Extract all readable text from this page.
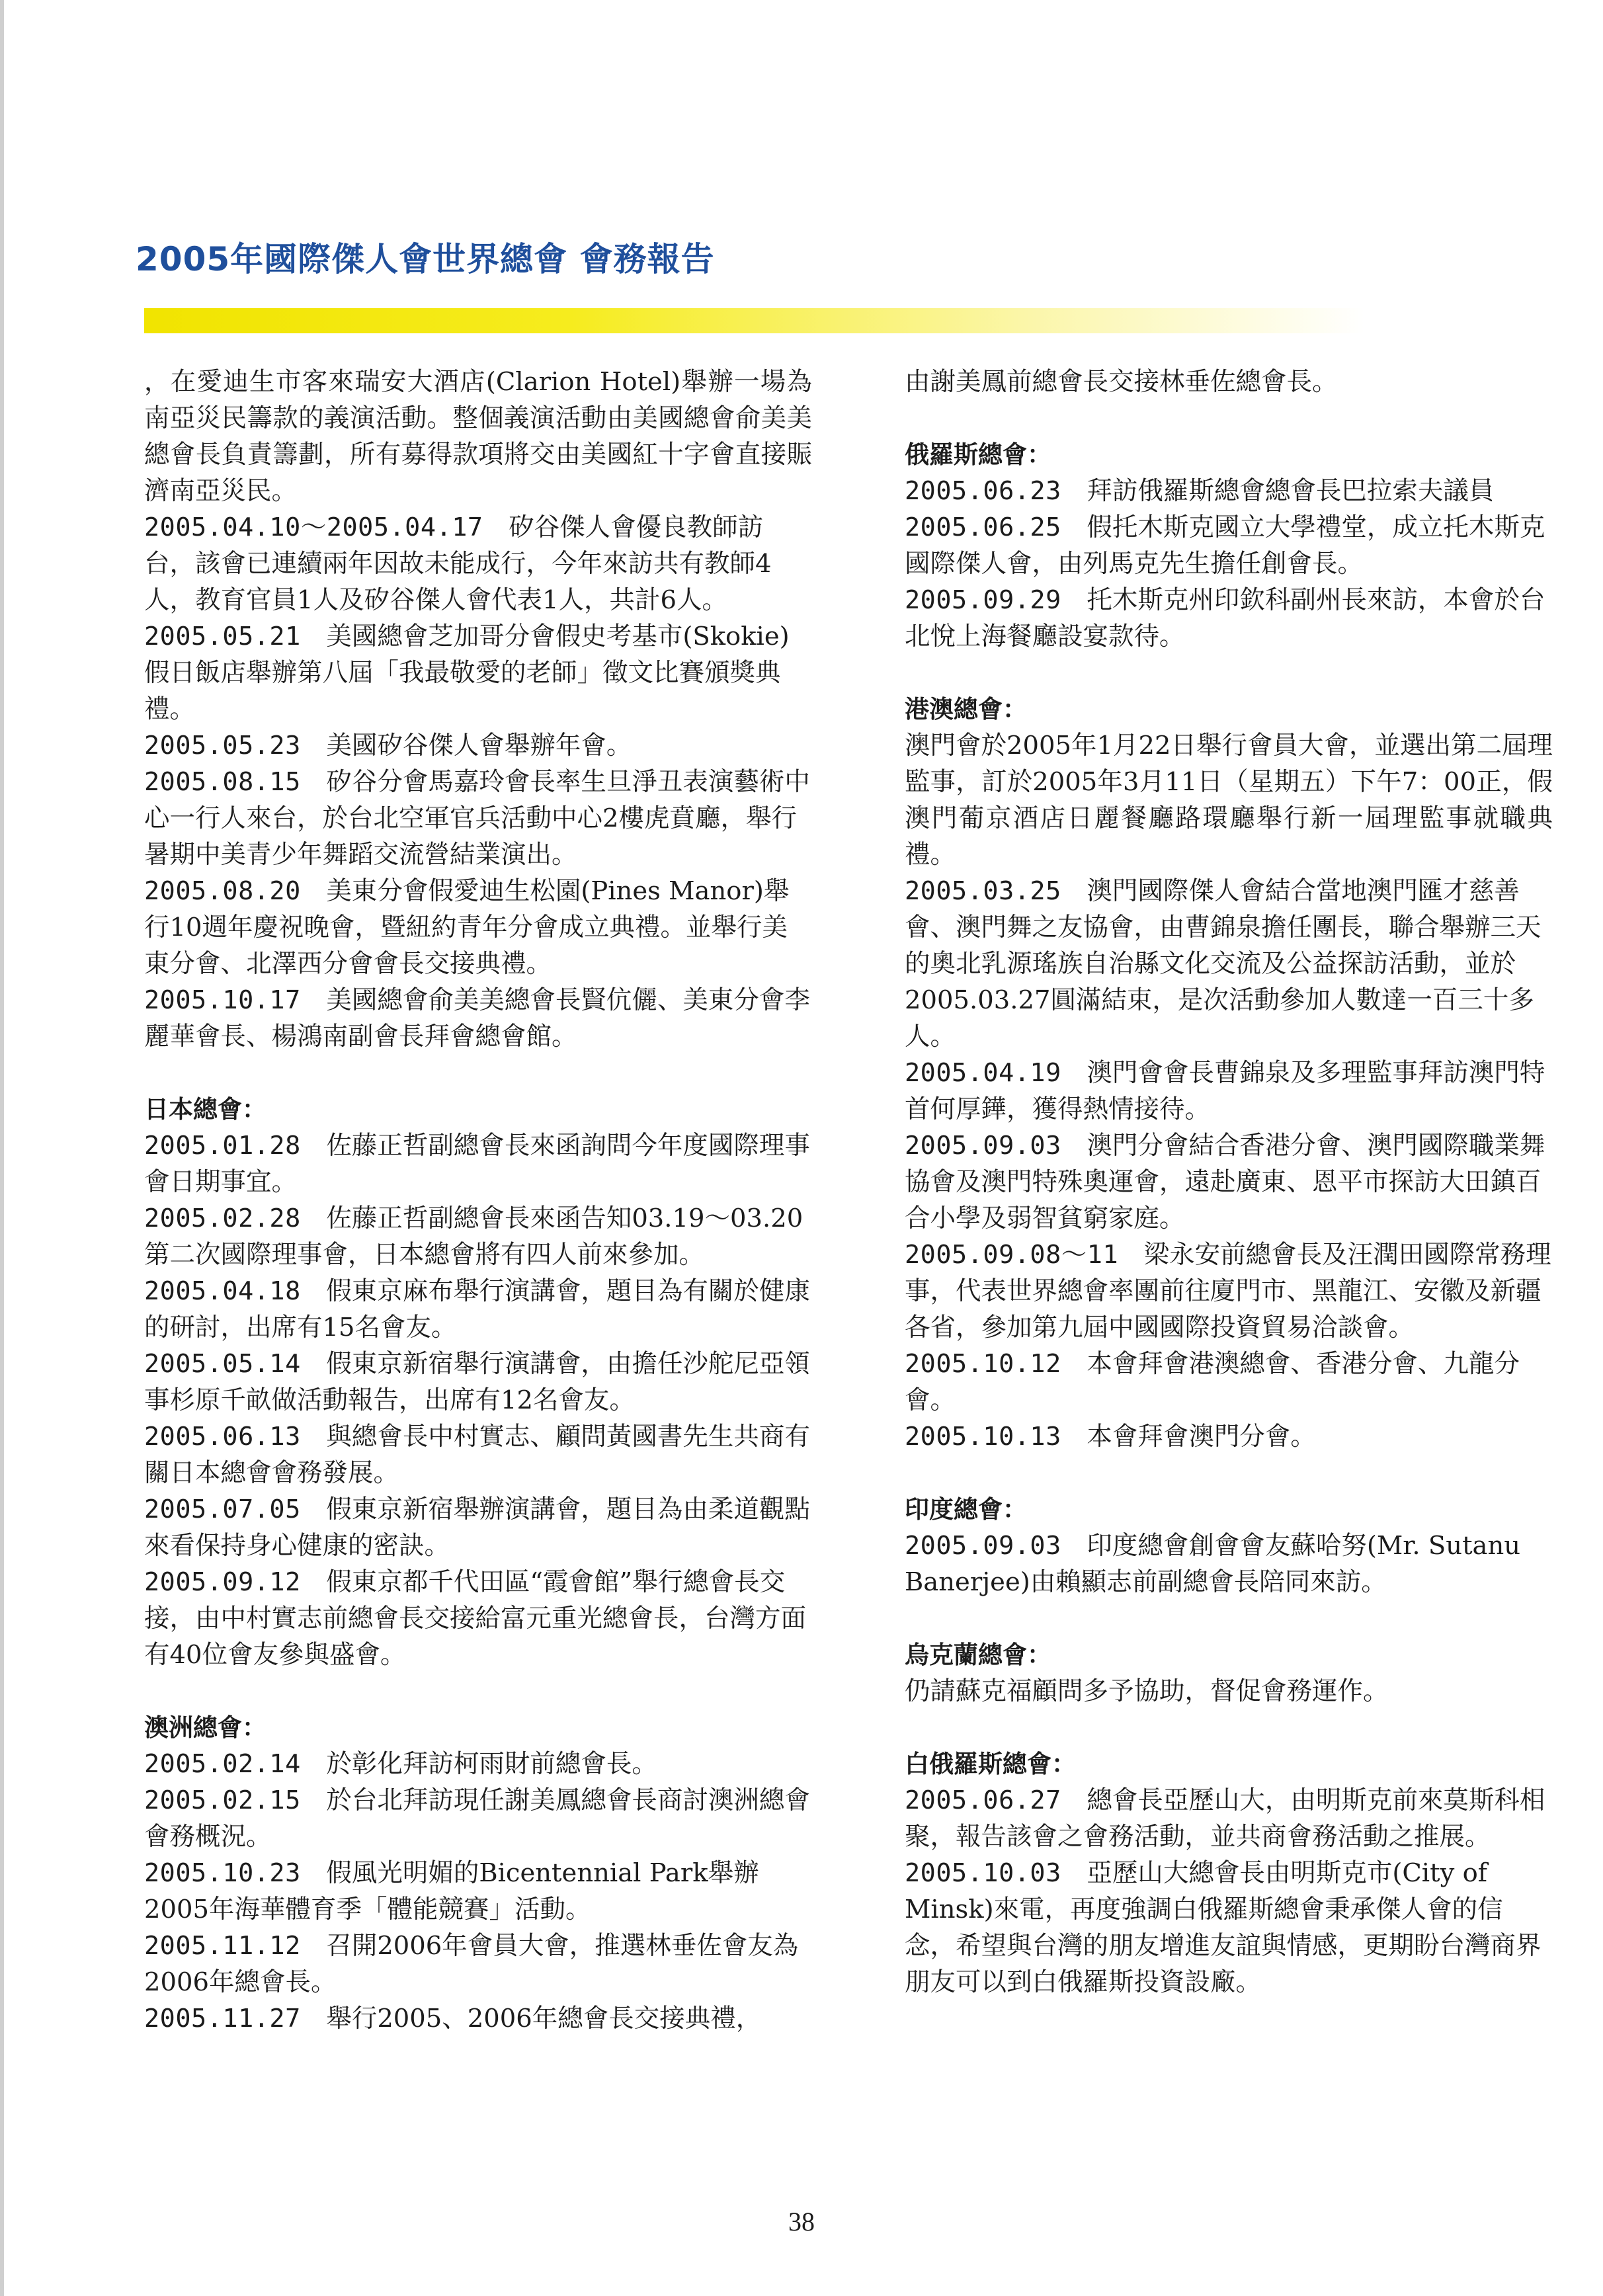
2005年國際傑人會世界總會 會務報告

，在愛迪生市客來瑞安大酒店(Clarion Hotel)舉辦一場為南亞災民籌款的義演活動。整個義演活動由美國總會俞美美總會長負責籌劃，所有募得款項將交由美國紅十字會直接賑濟南亞災民。

2005.04.10～2005.04.17　 矽谷傑人會優良教師訪台，該會已連續兩年因故未能成行，今年來訪共有教師4人，教育官員1人及矽谷傑人會代表1人，共計6人。

2005.05.21　 美國總會芝加哥分會假史考基市(Skokie)假日飯店舉辦第八屆「我最敬愛的老師」徵文比賽頒獎典禮。

2005.05.23　 美國矽谷傑人會舉辦年會。

2005.08.15　 矽谷分會馬嘉玲會長率生旦淨丑表演藝術中心一行人來台，於台北空軍官兵活動中心2樓虎賁廳，舉行暑期中美青少年舞蹈交流營結業演出。

2005.08.20　 美東分會假愛迪生松園(Pines Manor)舉行10週年慶祝晚會，暨紐約青年分會成立典禮。並舉行美東分會、北澤西分會會長交接典禮。

2005.10.17　 美國總會俞美美總會長賢伉儷、美東分會李麗華會長、楊鴻南副會長拜會總會館。

日本總會：

2005.01.28　 佐藤正哲副總會長來函詢問今年度國際理事會日期事宜。

2005.02.28　 佐藤正哲副總會長來函告知03.19～03.20第二次國際理事會，日本總會將有四人前來參加。

2005.04.18　 假東京麻布舉行演講會，題目為有關於健康的研討，出席有15名會友。

2005.05.14　 假東京新宿舉行演講會，由擔任沙舵尼亞領事杉原千畝做活動報告，出席有12名會友。

2005.06.13　 與總會長中村實志、顧問黃國書先生共商有關日本總會會務發展。

2005.07.05　 假東京新宿舉辦演講會，題目為由柔道觀點來看保持身心健康的密訣。

2005.09.12　 假東京都千代田區“霞會館”舉行總會長交接，由中村實志前總會長交接給富元重光總會長，台灣方面有40位會友參與盛會。

澳洲總會：

2005.02.14　 於彰化拜訪柯雨財前總會長。

2005.02.15　 於台北拜訪現任謝美鳳總會長商討澳洲總會會務概況。

2005.10.23　 假風光明媚的Bicentennial Park舉辦2005年海華體育季「體能競賽」活動。

2005.11.12　 召開2006年會員大會，推選林垂佐會友為2006年總會長。

2005.11.27　 舉行2005、2006年總會長交接典禮，

由謝美鳳前總會長交接林垂佐總會長。

俄羅斯總會：

2005.06.23　 拜訪俄羅斯總會總會長巴拉索夫議員

2005.06.25　 假托木斯克國立大學禮堂，成立托木斯克國際傑人會，由列馬克先生擔任創會長。

2005.09.29　 托木斯克州印欽科副州長來訪，本會於台北悅上海餐廳設宴款待。

港澳總會：

澳門會於2005年1月22日舉行會員大會，並選出第二屆理監事，訂於2005年3月11日（星期五）下午7：00正，假澳門葡京酒店日麗餐廳路環廳舉行新一屆理監事就職典禮。

2005.03.25　 澳門國際傑人會結合當地澳門匯才慈善會、澳門舞之友協會，由曹錦泉擔任團長，聯合舉辦三天的奧北乳源瑤族自治縣文化交流及公益探訪活動，並於2005.03.27圓滿結束，是次活動參加人數達一百三十多人。

2005.04.19　 澳門會會長曹錦泉及多理監事拜訪澳門特首何厚鏵，獲得熱情接待。

2005.09.03　 澳門分會結合香港分會、澳門國際職業舞協會及澳門特殊奧運會，遠赴廣東、恩平市探訪大田鎮百合小學及弱智貧窮家庭。

2005.09.08～11　 梁永安前總會長及汪潤田國際常務理事，代表世界總會率團前往廈門市、黑龍江、安徽及新疆各省，參加第九屆中國國際投資貿易洽談會。

2005.10.12　 本會拜會港澳總會、香港分會、九龍分會。

2005.10.13　 本會拜會澳門分會。

印度總會：

2005.09.03　 印度總會創會會友蘇哈努(Mr. Sutanu Banerjee)由賴顯志前副總會長陪同來訪。

烏克蘭總會：

仍請蘇克福顧問多予協助，督促會務運作。

白俄羅斯總會：

2005.06.27　 總會長亞歷山大，由明斯克前來莫斯科相聚，報告該會之會務活動，並共商會務活動之推展。

2005.10.03　 亞歷山大總會長由明斯克市(City of Minsk)來電，再度強調白俄羅斯總會秉承傑人會的信念，希望與台灣的朋友增進友誼與情感，更期盼台灣商界朋友可以到白俄羅斯投資設廠。

38
